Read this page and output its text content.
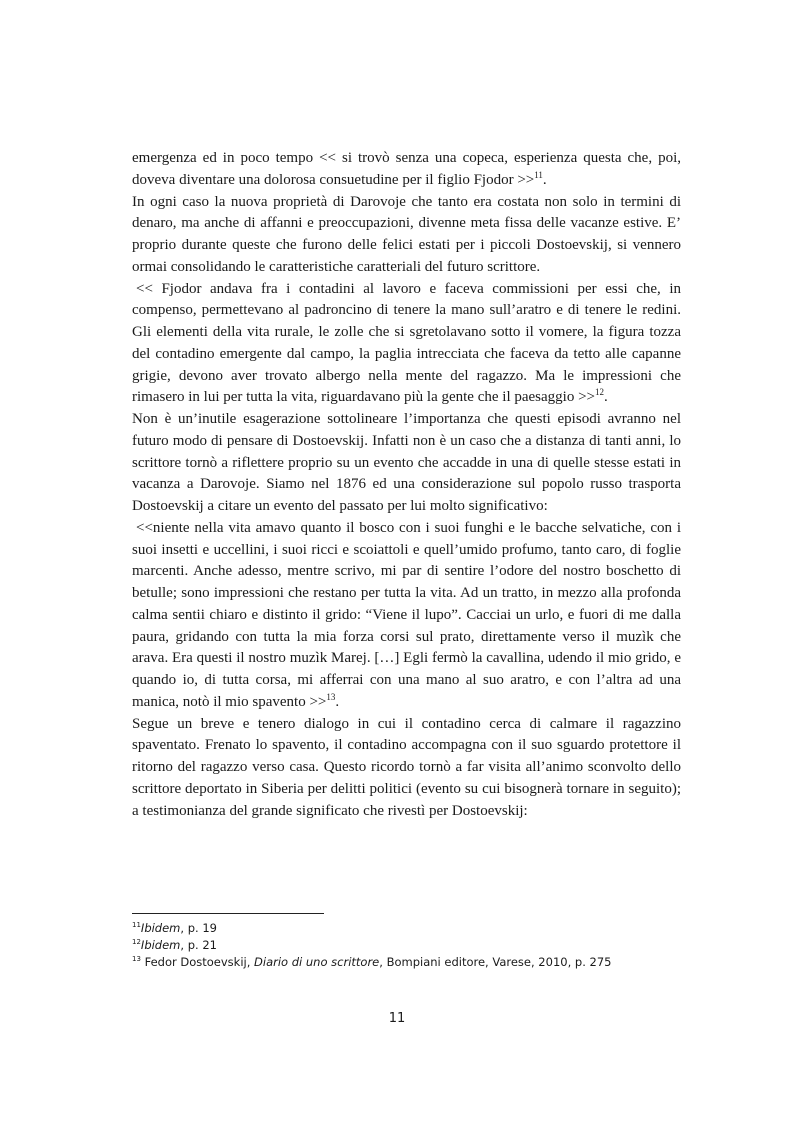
emergenza ed in poco tempo << si trovò senza una copeca, esperienza questa che, poi, doveva diventare una dolorosa consuetudine per il figlio Fjodor >>$^{11}$.

In ogni caso la nuova proprietà di Darovoje che tanto era costata non solo in termini di denaro, ma anche di affanni e preoccupazioni, divenne meta fissa delle vacanze estive. E’ proprio durante queste che furono delle felici estati per i piccoli Dostoevskij, si vennero ormai consolidando le caratteristiche caratteriali del futuro scrittore.

<< Fjodor andava fra i contadini al lavoro e faceva commissioni per essi che, in compenso, permettevano al padroncino di tenere la mano sull’aratro e di tenere le redini. Gli elementi della vita rurale, le zolle che si sgretolavano sotto il vomere, la figura tozza del contadino emergente dal campo, la paglia intrecciata che faceva da tetto alle capanne grigie, devono aver trovato albergo nella mente del ragazzo. Ma le impressioni che rimasero in lui per tutta la vita, riguardavano più la gente che il paesaggio >>$^{12}$.

Non è un’inutile esagerazione sottolineare l’importanza che questi episodi avranno nel futuro modo di pensare di Dostoevskij. Infatti non è un caso che a distanza di tanti anni, lo scrittore tornò a riflettere proprio su un evento che accadde in una di quelle stesse estati in vacanza a Darovoje. Siamo nel 1876 ed una considerazione sul popolo russo trasporta Dostoevskij a citare un evento del passato per lui molto significativo:

<<niente nella vita amavo quanto il bosco con i suoi funghi e le bacche selvatiche, con i suoi insetti e uccellini, i suoi ricci e scoiattoli e quell’umido profumo, tanto caro, di foglie marcenti. Anche adesso, mentre scrivo, mi par di sentire l’odore del nostro boschetto di betulle; sono impressioni che restano per tutta la vita. Ad un tratto, in mezzo alla profonda calma sentii chiaro e distinto il grido: “Viene il lupo”. Cacciai un urlo, e fuori di me dalla paura, gridando con tutta la mia forza corsi sul prato, direttamente verso il muzìk che arava. Era questi il nostro muzìk Marej. […] Egli fermò la cavallina, udendo il mio grido, e quando io, di tutta corsa, mi afferrai con una mano al suo aratro, e con l’altra ad una manica, notò il mio spavento >>$^{13}$.

Segue un breve e tenero dialogo in cui il contadino cerca di calmare il ragazzino spaventato. Frenato lo spavento, il contadino accompagna con il suo sguardo protettore il ritorno del ragazzo verso casa. Questo ricordo tornò a far visita all’animo sconvolto dello scrittore deportato in Siberia per delitti politici (evento su cui bisognerà tornare in seguito); a testimonianza del grande significato che rivestì per Dostoevskij:

$^{11}$Ibidem, p. 19
$^{12}$Ibidem, p. 21
$^{13}$ Fedor Dostoevskij, Diario di uno scrittore, Bompiani editore, Varese, 2010, p. 275
11
